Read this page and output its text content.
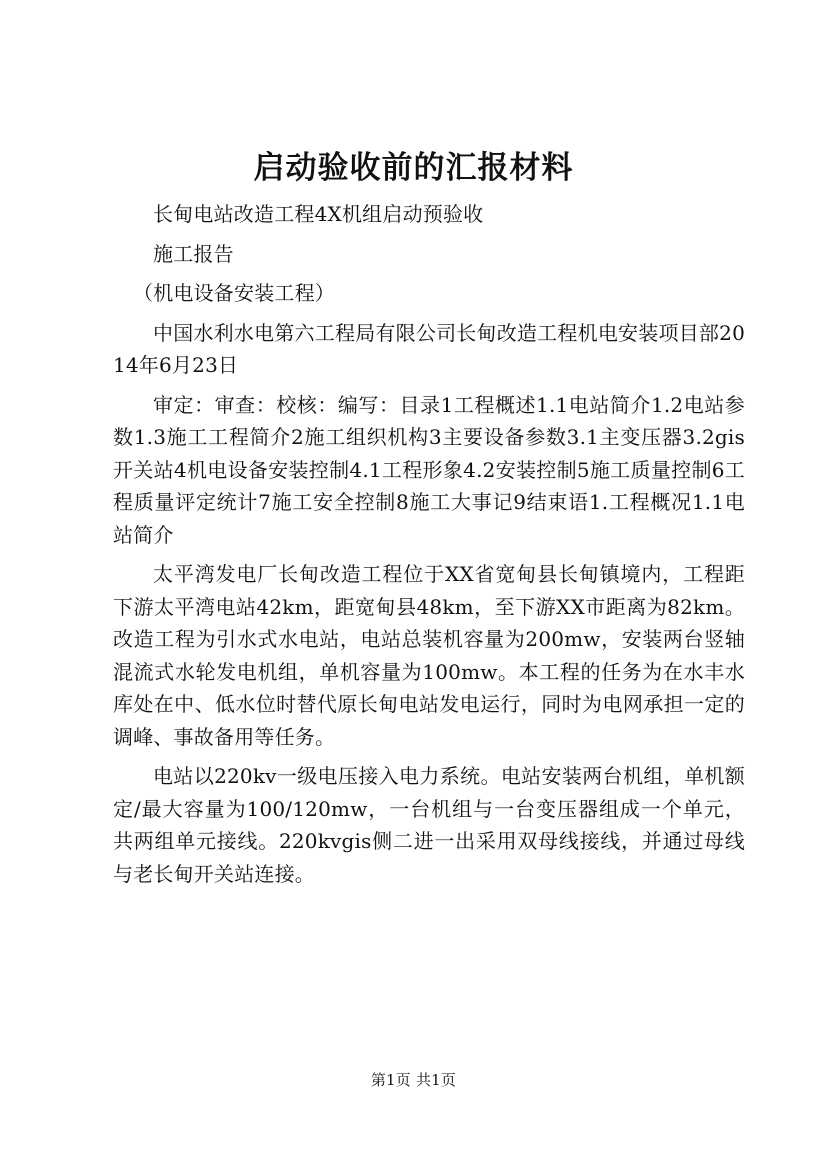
启动验收前的汇报材料

长甸电站改造工程4X机组启动预验收

施工报告

（机电设备安装工程）

中国水利水电第六工程局有限公司长甸改造工程机电安装项目部2014年6月23日

审定：审查：校核：编写：目录1工程概述1.1电站简介1.2电站参数1.3施工工程简介2施工组织机构3主要设备参数3.1主变压器3.2gis开关站4机电设备安装控制4.1工程形象4.2安装控制5施工质量控制6工程质量评定统计7施工安全控制8施工大事记9结束语1.工程概况1.1电站简介

太平湾发电厂长甸改造工程位于XX省宽甸县长甸镇境内，工程距下游太平湾电站42km，距宽甸县48km，至下游XX市距离为82km。改造工程为引水式水电站，电站总装机容量为200mw，安装两台竖轴混流式水轮发电机组，单机容量为100mw。本工程的任务为在水丰水库处在中、低水位时替代原长甸电站发电运行，同时为电网承担一定的调峰、事故备用等任务。

电站以220kv一级电压接入电力系统。电站安装两台机组，单机额定/最大容量为100/120mw，一台机组与一台变压器组成一个单元，共两组单元接线。220kvgis侧二进一出采用双母线接线，并通过母线与老长甸开关站连接。

第1页 共1页
